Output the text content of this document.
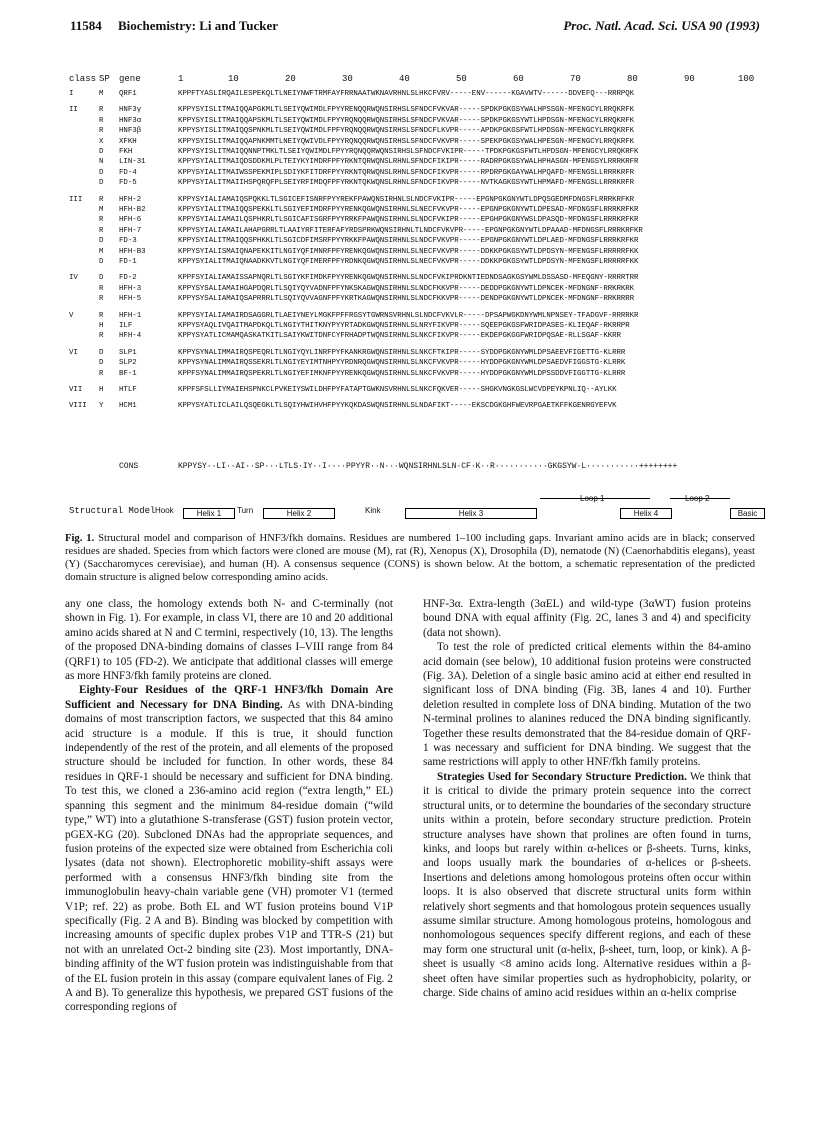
11584 Biochemistry: Li and Tucker	Proc. Natl. Acad. Sci. USA 90 (1993)
class SP gene	1	10	20	30	40	50	60	70	80	90	100
I	M QRF1	KPPFTYASLIRQAILESPEKQLTLNEIYNWFTRMFAYFRRNAATWKNAVRHNLSLHKCFVRV-----ENV------KGAVWTV------DDVEFQ---RRRPQK
II	R HNF3γ	KPPYSYISLITMAIQQAPGKMLTLSEIYQWIMDLFPYYRENQQRWQNSIRHSLSFNDCFVKVAR-----SPDKPGKGSYWALHPSSGN-MFENGCYLRRQKRFK
R HNF3α	KPPYSYISLITMAIQQAPSKMLTLSEIYQWIMDLFPYYRQNQQRWQNSIRHSLSFNDCFVKVAR-----SPDKPGKGSYWTLHPDSGN-MFENGCYLRRQKRFK
R HNF3β	KPPYSYISLITMAIQQSPNKMLTLSEIYQWIMDLFPFYRQNQQRWQNSIRHSLSFNDCFLKVPR-----APDKPGKGSFWTLHPDSGN-MFENGCYLRRQKRFK
X XFKH	KPPYSYISLITMAIQQAPNKMMTLNEIYQWIVDLFPYYRQNQQRWQNSIRHSLSFNDCFVKVPR-----SPEKPGKGSYWALHPESGN-MFENGCYLRRQKRFK
D FKH	KPPYSYISLITMAIQQNNPTMKLTLSEIYQWIMDLFPYYRQNQQRWQNSIRHSLSFNDCFVKIPR-----TPDKPGKGSFWTLHPDSGN-MFENGCYLRRQKRFK
N LIN-31	KPPYSYIALITMAIQDSDDKMLPLTEIYKYIMDRFPFYRKNTQRWQNSLRHNLSFNDCFIKIPR-----RADRPGKGSYWALHPHASGN-MFENGSYLRRRKRFR
D FD-4	KPPYSYIALITMAIWSSPEKMIPLSDIYKFITDRFPYYRKNTQRWQNSLRHNLSFNDCFIKVPR-----RPDRPGKGAYWALHPQAFD-MFENGSLLRRRKRFR
D FD-5	KPPYSYIALITMAIIHSPQRQFPLSEIYRFIMDQFPFYRKNTQKWQNSLRHNLSFNDCFIKVPR-----NVTKAGKGSYWTLHPMAFD-MFENGSLLRRRKRFR
III R HFH-2	KPPYSYIALIAMAIQSPQKKLTLSGICEFISNRFPYYREKFPAWQNSIRHNLSLNDCFVKIPR-----EPGNPGKGNYWTLDPQSGEDMFDNGSFLRRRKRFKR
M HFH-B2	KPPYSYIALITMAIQQSPEKKLTLSGIYEFIMDRFPYYRENKQGWQNSIRHNLSLNECFVKVPR-----EPGNPGKGNYWTLDPESAD-MFDNGSFLRRRKRFKR
R HFH-6	KPPYSYIALIAMAILQSPHKRLTLSGICAFISGRFPYYRRKFPAWQNSIRHNLSLNDCFVKIPR-----EPGHPGKGNYWSLDPASQD-MFDNGSFLRRRKRFKR
R HFH-7	KPPYSYIALIAMAILAHAPGRRLTLAAIYRFITERFAFYRDSPRKWQNSIRHNLTLNDCFVKVPR-----EPGNPGKGNYWTLDPAAAD-MFDNGSFLRRRKRFKR
D FD-3	KPPYSYIALITMAIQQSPHKKLTLSGICDFIMSRFPYYRKKFPAWQNSIRHNLSLNDCFVKVPR-----EPGNPGKGNYWTLDPLAED-MFDNGSFLRRRKRFKR
M HFH-B3	KPPYSYIALISMAIQNAPEKKITLNGIYQFIMNRFPFYRENKQGWQNSIRHNLSLNECFVKVPR-----DDKKPGKGSYWTLDPDSYN-MFENGSFLRRRRRFKK
D FD-1	KPPYSYIALITMAIQNAADKKVTLNGIYQFIMERFPFYRDNKQGWQNSIRHNLSLNECFVKVPR-----DDKKPGKGSYWTLDPDSYN-MFENGSFLRRRRRFKK
IV	D FD-2	KPPFSYIALIAMAISSAPNQRLTLSGIYKFIMDKFPYYRENKQGWQNSIRHNLSLNDCFVKIPRDKNTIEDNDSAGKGSYWMLDSSASD-MFEQGNY-RRRRTRR
R HFH-3	KPPYSYSALIAMAIHGAPDQRLTLSQIYQYVADNFPFYNKSKAGWQNSIRHNLSLNDCFKKVPR-----DEDDPGKGNYWTLDPNCEK-MFDNGNF-RRKRKRK
R HFH-5	KPPYSYSALIAMAIQSAPRRRLTLSQIYQVVAGNFPFYKRTKAGWQNSIRHNLSLNDCFKKVPR-----DENDPGKGNYWTLDPNCEK-MFDNGNF-RRKRRRR
V	R HFH-1	KPPYSYIALIAMAIRDSAGGRLTLAEIYNEYLMGKFPFFRGSYTGWRNSVRHNLSLNDCFVKVLR-----DPSAPWGKDNYWMLNPNSEY-TFADGVF-RRRRKR
H ILF	KPPYSYAQLIVQAITMAPDKQLTLNGIYTHITKNYPYYRTADKGWQNSIRHNLSLNRYFIKVPR-----SQEEPGKGSFWRIDPASES-KLIEQAF-RKRRPR
R HFH-4	KPPYSYATLICMAMQASKATKITLSAIYKWITDNFCYFRHADPTWQNSIRHNLSLNKCFIKVPR-----EKDEPGKGGFWRIDPQSAE-RLLSGAF-KKRR
VI	D SLP1	KPPYSYNALIMMAIRQSPEQRLTLNGIYQYLINRFPYFKANKRGWQNSIRHNLSLNKCFTKIPR-----SYDDPGKGNYWMLDPSAEEVFIGETTG-KLRRR
D SLP2	KPPYSYNALIMMAIRQSSEKRLTLNGIYEYIMTNHPYYRDNRQGWQNSIRHNLSLNKCFVKVPR-----HYDDPGKGNYWMLDPSAEDVFIGGSTG-KLRRK
R BF-1	KPPFSYNALIMMAIRQSPEKRLTLNGIYEFIMKNFPYYRENKQGWQNSIRHNLSLNKCFVKVPR-----HYDDPGKGNYWMLDPSSDDVFIGGTTG-KLRRR
VII H HTLF	KPPFSFSLLIYMAIEHSPNKCLPVKEIYSWILDHFPYFATAPTGWKNSVRHNLSLNKCFQKVER-----SHGKVNGKGSLWCVDPEYKPNLIQ--AYLKK
VIII Y HCM1	KPPYSYATLICLAILQSQEGKLTLSQIYHWIHVHFPYYKQKDASWQNSIRHNLSLNDAFIKT-----EKSCDGKGHFWEVRPGAETKFFKGENRGYEFVK
CONS	KPPYSY··LI··AI··SP···LTLS·IY··I····PPYYR··N···WQNSIRHNLSLN·CF·K··R···········GKGSYW·L···········++++++++
Structural Model Hook	Helix 1	Turn	Helix 2	Kink	Helix 3
Loop 1
Helix 4
Loop 2
Basic
Fig. 1. Structural model and comparison of HNF3/fkh domains. Residues are numbered 1–100 including gaps. Invariant amino acids are in black; conserved residues are shaded. Species from which factors were cloned are mouse (M), rat (R), Xenopus (X), Drosophila (D), nematode (N) (Caenorhabditis elegans), yeast (Y) (Saccharomyces cerevisiae), and human (H). A consensus sequence (CONS) is shown below. At the bottom, a schematic representation of the predicted domain structure is aligned below corresponding amino acids.

any one class, the homology extends both N- and C-terminally (not shown in Fig. 1). For example, in class VI, there are 10 and 20 additional amino acids shared at N and C termini, respectively (10, 13). The lengths of the proposed DNA-binding domains of classes I–VIII range from 84 (QRF1) to 105 (FD-2). We anticipate that additional classes will emerge as more HNF3/fkh family proteins are cloned.

Eighty-Four Residues of the QRF-1 HNF3/fkh Domain Are Sufficient and Necessary for DNA Binding. As with DNA-binding domains of most transcription factors, we suspected that this 84 amino acid structure is a module. If this is true, it should function independently of the rest of the protein, and all elements of the proposed structure should be included for function. In other words, these 84 residues in QRF-1 should be necessary and sufficient for DNA binding. To test this, we cloned a 236-amino acid region (“extra length,” EL) spanning this segment and the minimum 84-residue domain (“wild type,” WT) into a glutathione S-transferase (GST) fusion protein vector, pGEX-KG (20). Subcloned DNAs had the appropriate sequences, and fusion proteins of the expected size were obtained from Escherichia coli lysates (data not shown). Electrophoretic mobility-shift assays were performed with a consensus HNF3/fkh binding site from the immunoglobulin heavy-chain variable gene (VH) promoter V1 (termed V1P; ref. 22) as probe. Both EL and WT fusion proteins bound V1P specifically (Fig. 2 A and B). Binding was blocked by competition with increasing amounts of specific duplex probes V1P and TTR-S (21) but not with an unrelated Oct-2 binding site (23). Most importantly, DNA-binding affinity of the WT fusion protein was indistinguishable from that of the EL fusion protein in this assay (compare equivalent lanes of Fig. 2 A and B). To generalize this hypothesis, we prepared GST fusions of the corresponding regions of

HNF-3α. Extra-length (3αEL) and wild-type (3αWT) fusion proteins bound DNA with equal affinity (Fig. 2C, lanes 3 and 4) and specificity (data not shown).

To test the role of predicted critical elements within the 84-amino acid domain (see below), 10 additional fusion proteins were constructed (Fig. 3A). Deletion of a single basic amino acid at either end resulted in significant loss of DNA binding (Fig. 3B, lanes 4 and 10). Further deletion resulted in complete loss of DNA binding. Mutation of the two N-terminal prolines to alanines reduced the DNA binding significantly. Together these results demonstrated that the 84-residue domain of QRF-1 was necessary and sufficient for DNA binding. We suggest that the same restrictions will apply to other HNF/fkh family proteins.

Strategies Used for Secondary Structure Prediction. We think that it is critical to divide the primary protein sequence into the correct structural units, or to determine the boundaries of the secondary structure units within a protein, before secondary structure prediction. Protein structure analyses have shown that prolines are often found in turns, kinks, and loops but rarely within α-helices or β-sheets. Turns, kinks, and loops usually mark the boundaries of α-helices or β-sheets. Insertions and deletions among homologous proteins often occur within loops. It is also observed that discrete structural units form within relatively short segments and that homologous protein sequences usually assume similar structure. Among homologous proteins, homologous and nonhomologous sequences specify different regions, and each of these may form one structural unit (α-helix, β-sheet, turn, loop, or kink). A β-sheet is usually <8 amino acids long. Alternative residues within a β-sheet often have similar properties such as hydrophobicity, polarity, or charge. Side chains of amino acid residues within an α-helix comprise
